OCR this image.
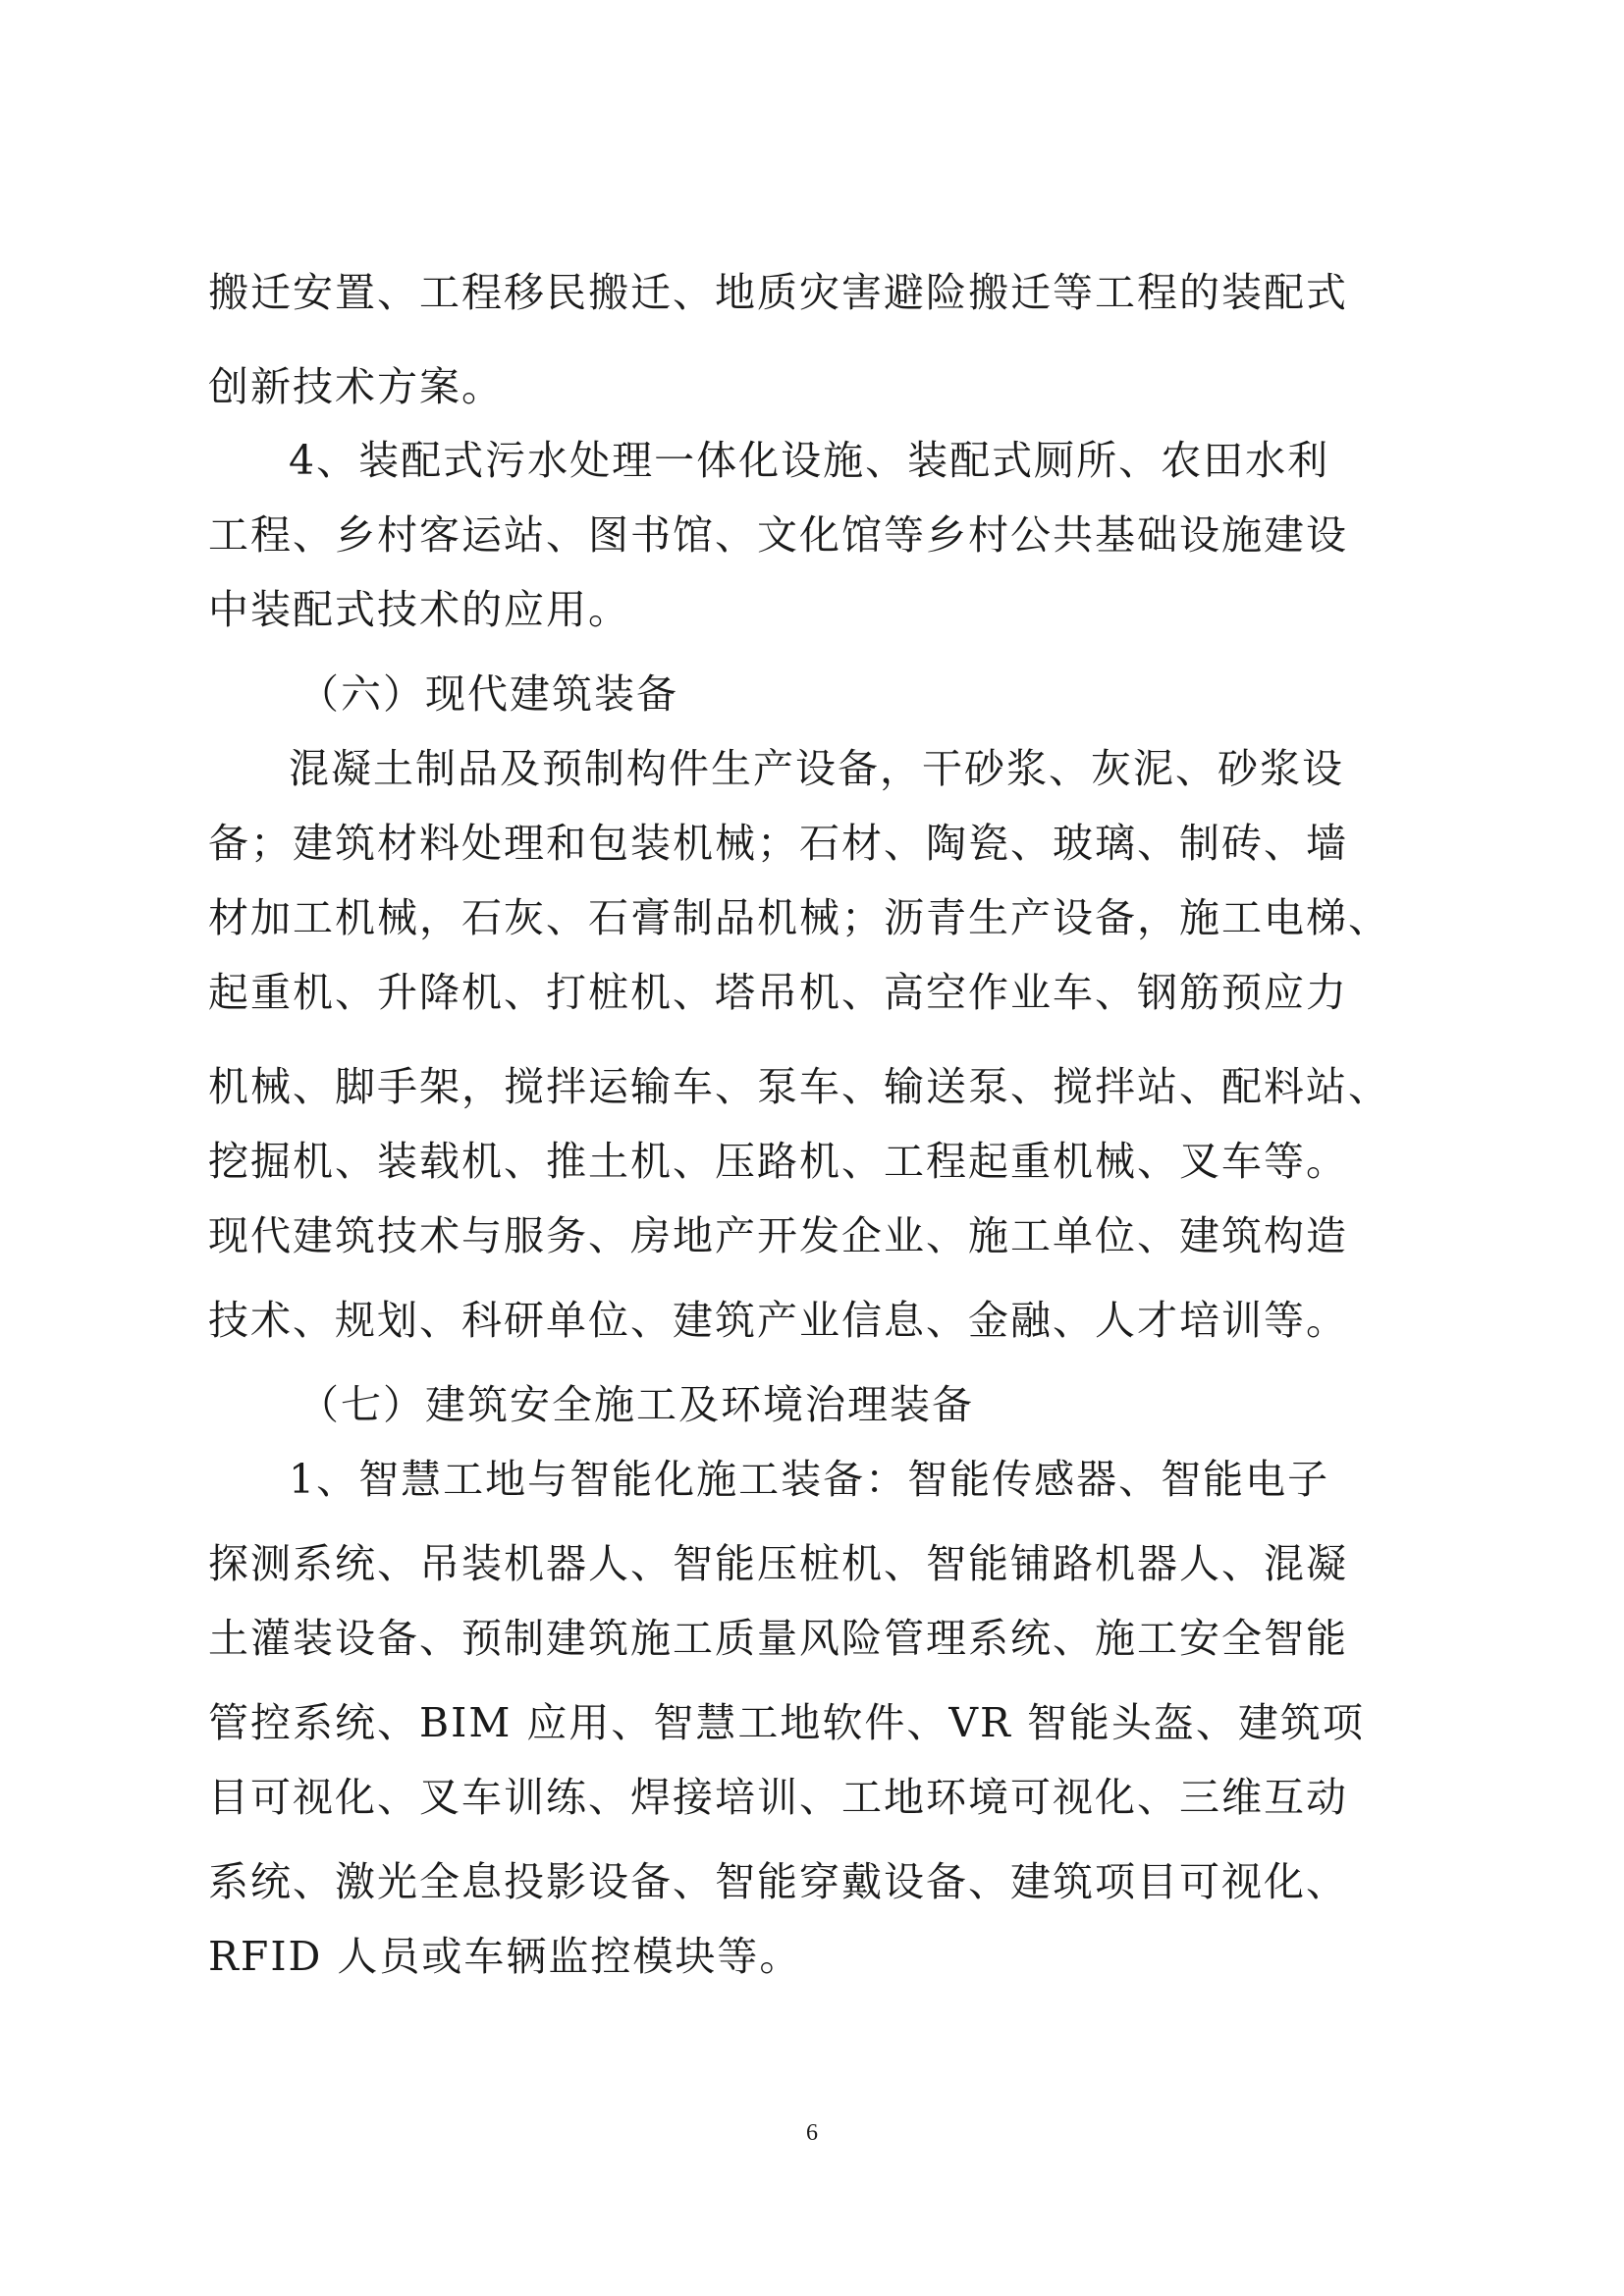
搬迁安置、工程移民搬迁、地质灾害避险搬迁等工程的装配式
创新技术方案。
4、装配式污水处理一体化设施、装配式厕所、农田水利
工程、乡村客运站、图书馆、文化馆等乡村公共基础设施建设
中装配式技术的应用。
（六）现代建筑装备
混凝土制品及预制构件生产设备，干砂浆、灰泥、砂浆设
备；建筑材料处理和包装机械；石材、陶瓷、玻璃、制砖、墙
材加工机械，石灰、石膏制品机械；沥青生产设备，施工电梯、
起重机、升降机、打桩机、塔吊机、高空作业车、钢筋预应力
机械、脚手架，搅拌运输车、泵车、输送泵、搅拌站、配料站、
挖掘机、装载机、推土机、压路机、工程起重机械、叉车等。
现代建筑技术与服务、房地产开发企业、施工单位、建筑构造
技术、规划、科研单位、建筑产业信息、金融、人才培训等。
（七）建筑安全施工及环境治理装备
1、智慧工地与智能化施工装备：智能传感器、智能电子
探测系统、吊装机器人、智能压桩机、智能铺路机器人、混凝
土灌装设备、预制建筑施工质量风险管理系统、施工安全智能
管控系统、BIM 应用、智慧工地软件、VR 智能头盔、建筑项
目可视化、叉车训练、焊接培训、工地环境可视化、三维互动
系统、激光全息投影设备、智能穿戴设备、建筑项目可视化、
RFID 人员或车辆监控模块等。
6
